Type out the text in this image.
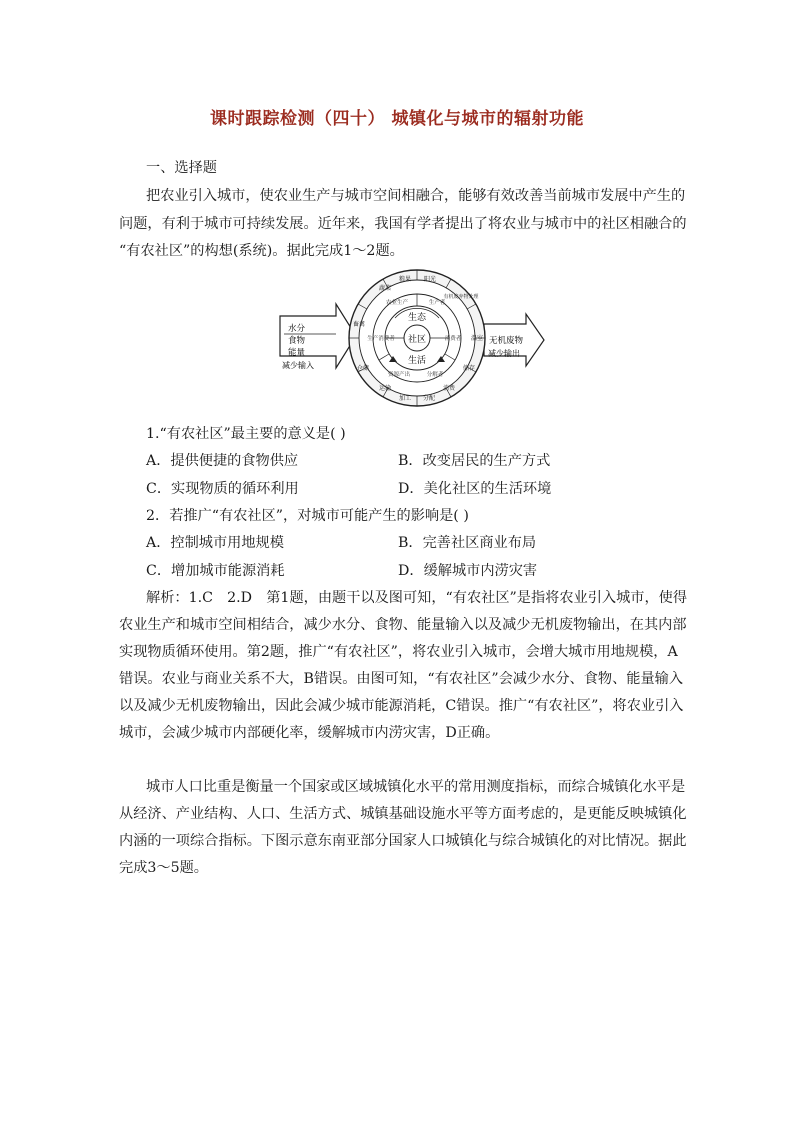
课时跟踪检测（四十） 城镇化与城市的辐射功能
一、选择题
把农业引入城市，使农业生产与城市空间相融合，能够有效改善当前城市发展中产生的
问题，有利于城市可持续发展。近年来，我国有学者提出了将农业与城市中的社区相融合的
“有农社区”的构想(系统)。据此完成1～2题。
水分
食物
能量
减少输入
无机废物
减少输出
社区
生态
生活
农业生产	生产者
消费者
分解者
资源产出
生产消费者
蔬菜
粮果 阳光
有机废弃物处理
温室
储存
消费
分配
加工
运输
仓储
畜禽
1.“有农社区”最主要的意义是( )
A．提供便捷的食物供应	B．改变居民的生产方式
C．实现物质的循环利用	D．美化社区的生活环境
2．若推广“有农社区”，对城市可能产生的影响是( )
A．控制城市用地规模	B．完善社区商业布局
C．增加城市能源消耗	D．缓解城市内涝灾害
解析：1.C　2.D　第1题，由题干以及图可知，“有农社区”是指将农业引入城市，使得
农业生产和城市空间相结合，减少水分、食物、能量输入以及减少无机废物输出，在其内部
实现物质循环使用。第2题，推广“有农社区”，将农业引入城市，会增大城市用地规模，A
错误。农业与商业关系不大，B错误。由图可知，“有农社区”会减少水分、食物、能量输入
以及减少无机废物输出，因此会减少城市能源消耗，C错误。推广“有农社区”，将农业引入
城市，会减少城市内部硬化率，缓解城市内涝灾害，D正确。
城市人口比重是衡量一个国家或区域城镇化水平的常用测度指标，而综合城镇化水平是
从经济、产业结构、人口、生活方式、城镇基础设施水平等方面考虑的，是更能反映城镇化
内涵的一项综合指标。下图示意东南亚部分国家人口城镇化与综合城镇化的对比情况。据此
完成3～5题。
